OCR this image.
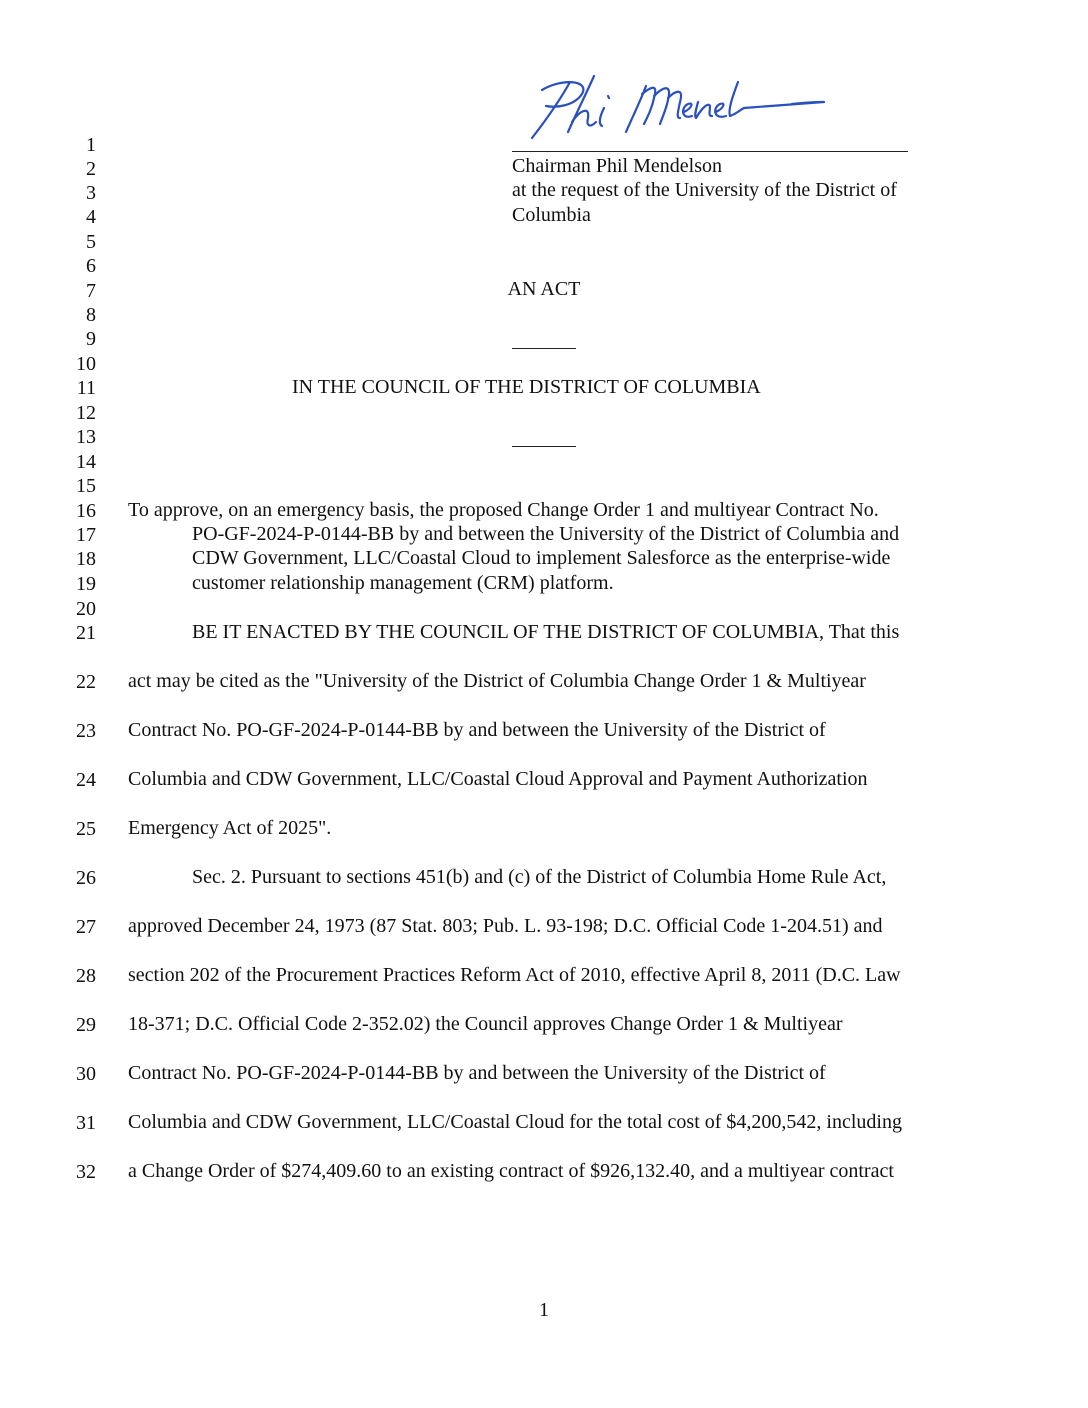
1
2
3
4
5
6
7
8
9
10
11
12
13
14
15
16
17
18
19
20
21
22
23
24
25
26
27
28
29
30
31
32
Chairman Phil Mendelson
at the request of the University of the District of
Columbia
AN ACT
IN THE COUNCIL OF THE DISTRICT OF COLUMBIA
To approve, on an emergency basis, the proposed Change Order 1 and multiyear Contract No.
PO-GF-2024-P-0144-BB by and between the University of the District of Columbia and
CDW Government, LLC/Coastal Cloud to implement Salesforce as the enterprise-wide
customer relationship management (CRM) platform.
BE IT ENACTED BY THE COUNCIL OF THE DISTRICT OF COLUMBIA, That this
act may be cited as the "University of the District of Columbia Change Order 1 & Multiyear
Contract No. PO-GF-2024-P-0144-BB by and between the University of the District of
Columbia and CDW Government, LLC/Coastal Cloud Approval and Payment Authorization
Emergency Act of 2025".
Sec. 2. Pursuant to sections 451(b) and (c) of the District of Columbia Home Rule Act,
approved December 24, 1973 (87 Stat. 803; Pub. L. 93-198; D.C. Official Code 1-204.51) and
section 202 of the Procurement Practices Reform Act of 2010, effective April 8, 2011 (D.C. Law
18-371; D.C. Official Code 2-352.02) the Council approves Change Order 1 & Multiyear
Contract No. PO-GF-2024-P-0144-BB by and between the University of the District of
Columbia and CDW Government, LLC/Coastal Cloud for the total cost of $4,200,542, including
a Change Order of $274,409.60 to an existing contract of $926,132.40, and a multiyear contract
1
